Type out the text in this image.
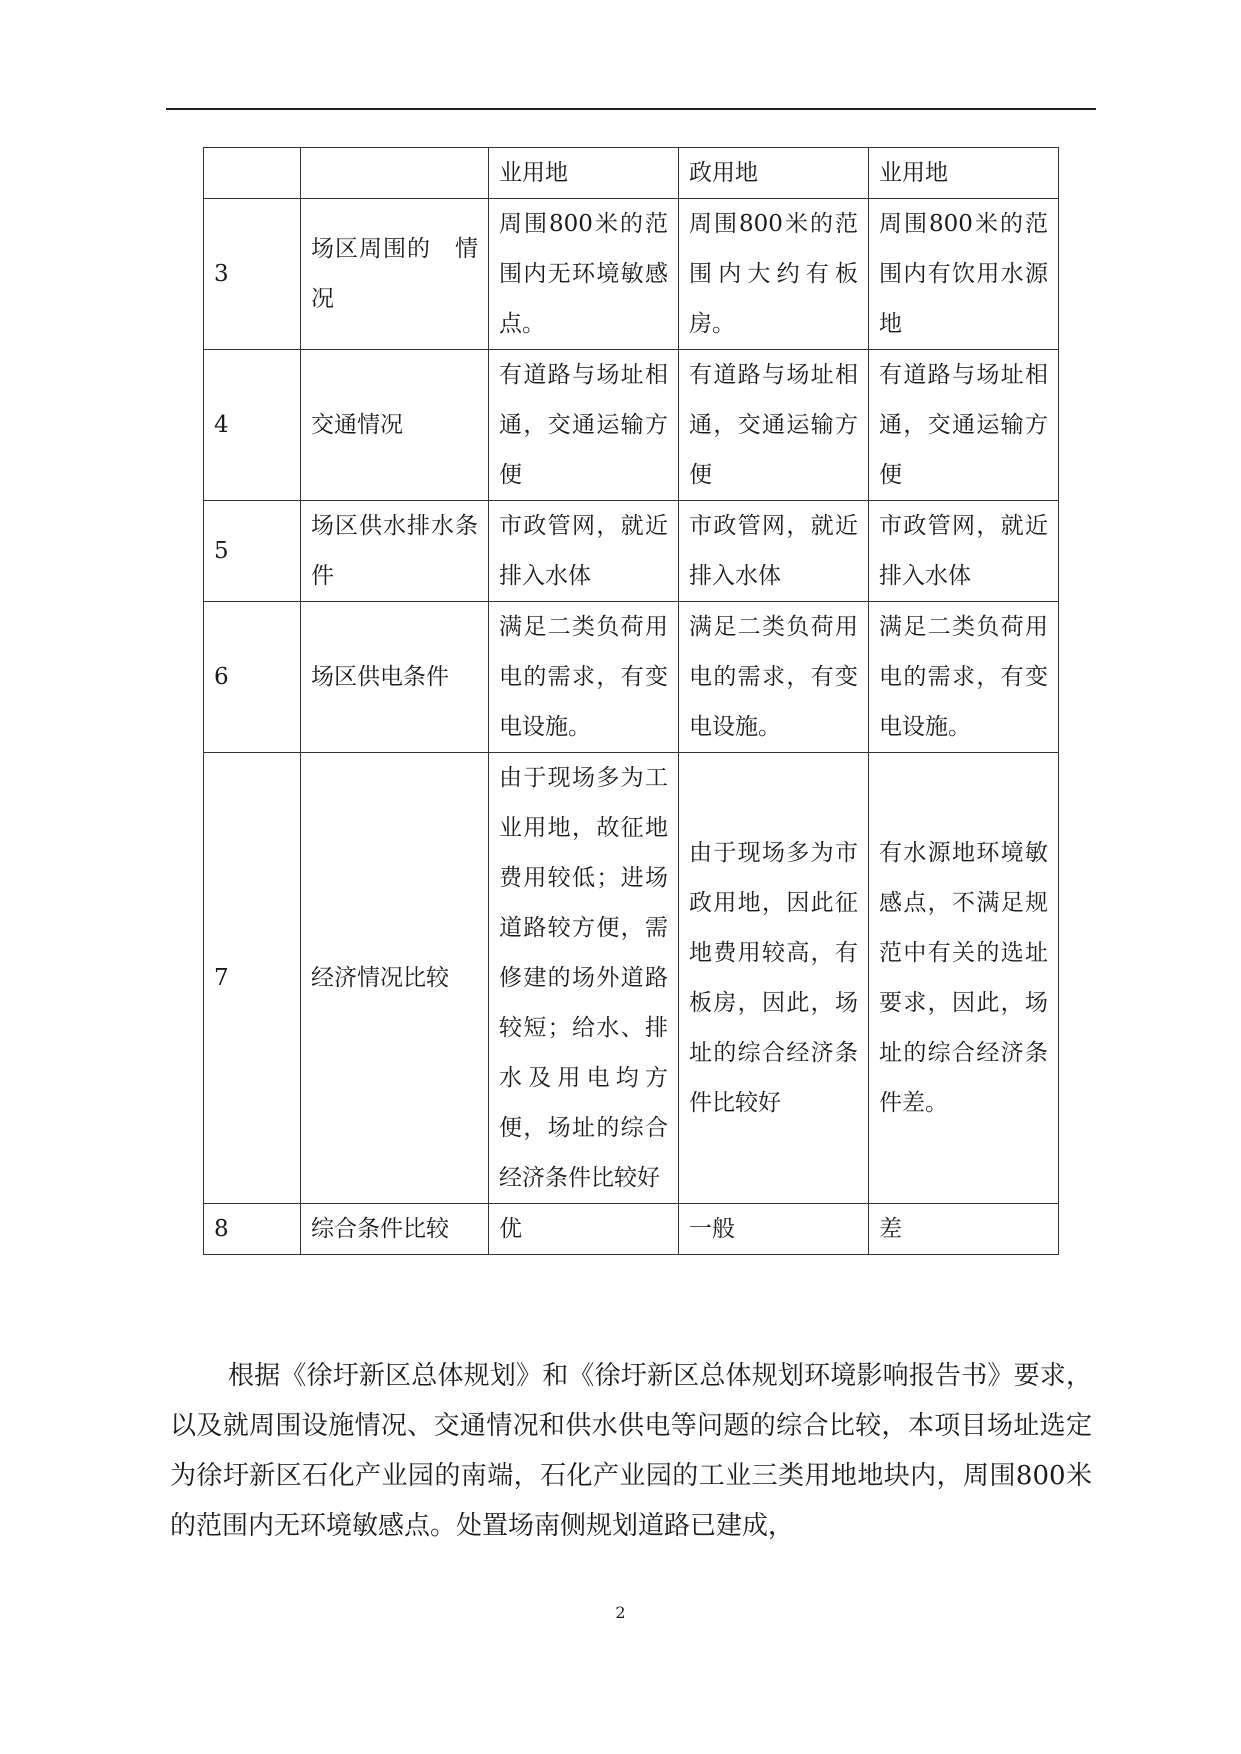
		业用地	政用地	业用地
3	场区周围的　情况	周围800米的范围内无环境敏感点。	周围800米的范围内大约有板房。	周围800米的范围内有饮用水源地
4	交通情况	有道路与场址相通，交通运输方便	有道路与场址相通，交通运输方便	有道路与场址相通，交通运输方便
5	场区供水排水条件	市政管网，就近排入水体	市政管网，就近排入水体	市政管网，就近排入水体
6	场区供电条件	满足二类负荷用电的需求，有变电设施。	满足二类负荷用电的需求，有变电设施。	满足二类负荷用电的需求，有变电设施。
7	经济情况比较	由于现场多为工业用地，故征地费用较低；进场道路较方便，需修建的场外道路较短；给水、排水及用电均方便，场址的综合经济条件比较好	由于现场多为市政用地，因此征地费用较高，有板房，因此，场址的综合经济条件比较好	有水源地环境敏感点，不满足规范中有关的选址要求，因此，场址的综合经济条件差。
8	综合条件比较	优	一般	差

根据《徐圩新区总体规划》和《徐圩新区总体规划环境影响报告书》要求，以及就周围设施情况、交通情况和供水供电等问题的综合比较，本项目场址选定为徐圩新区石化产业园的南端，石化产业园的工业三类用地地块内，周围800米的范围内无环境敏感点。处置场南侧规划道路已建成，

2
